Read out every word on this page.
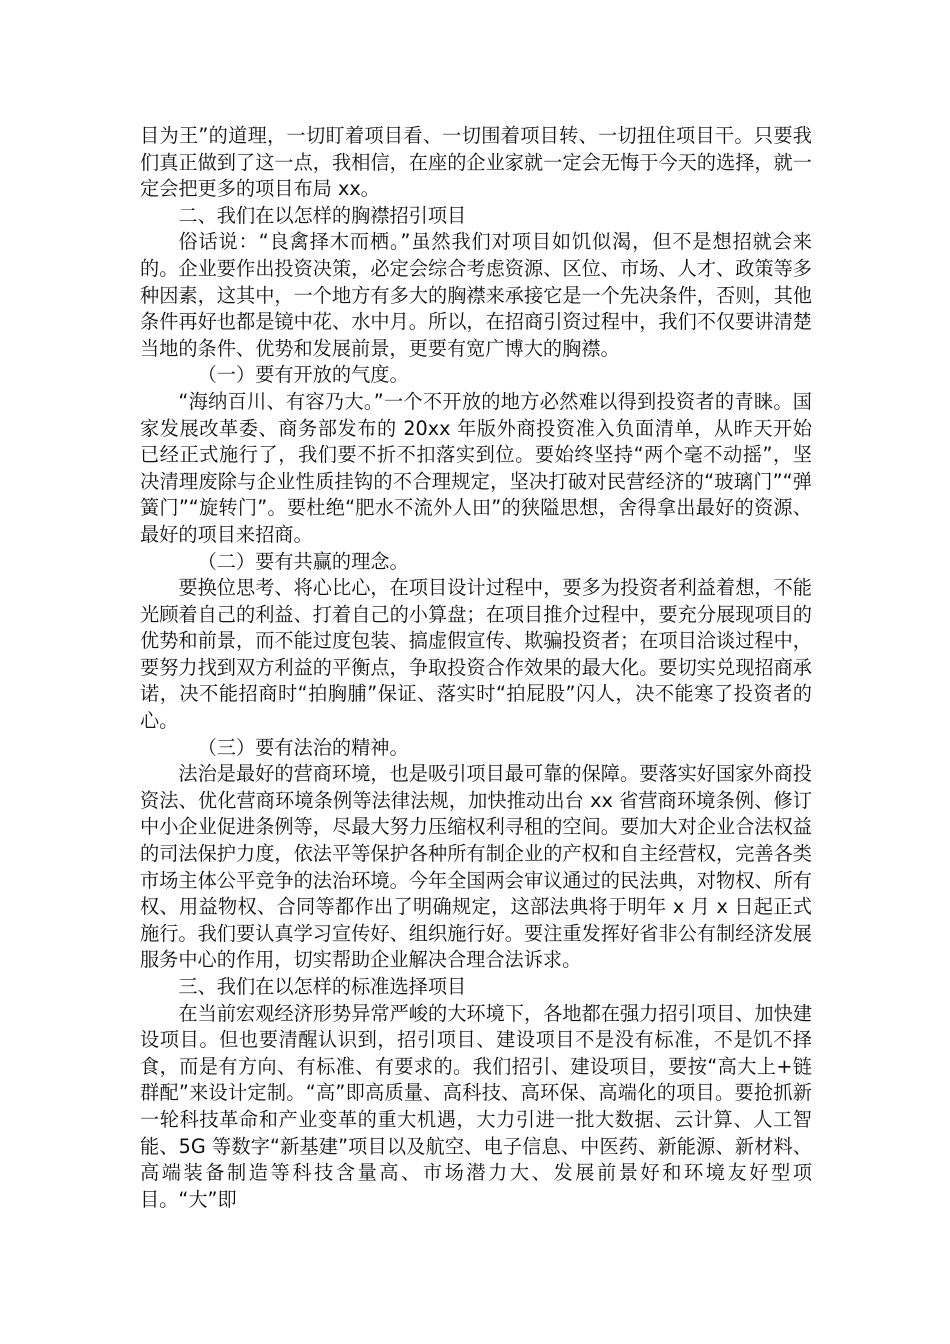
目为王”的道理，一切盯着项目看、一切围着项目转、一切扭住项目干。只要我们真正做到了这一点，我相信，在座的企业家就一定会无悔于今天的选择，就一定会把更多的项目布局 xx。

二、我们在以怎样的胸襟招引项目

俗话说：“良禽择木而栖。”虽然我们对项目如饥似渴，但不是想招就会来的。企业要作出投资决策，必定会综合考虑资源、区位、市场、人才、政策等多种因素，这其中，一个地方有多大的胸襟来承接它是一个先决条件，否则，其他条件再好也都是镜中花、水中月。所以，在招商引资过程中，我们不仅要讲清楚当地的条件、优势和发展前景，更要有宽广博大的胸襟。

（一）要有开放的气度。

“海纳百川、有容乃大。”一个不开放的地方必然难以得到投资者的青睐。国家发展改革委、商务部发布的 20xx 年版外商投资准入负面清单，从昨天开始已经正式施行了，我们要不折不扣落实到位。要始终坚持“两个毫不动摇”，坚决清理废除与企业性质挂钩的不合理规定，坚决打破对民营经济的“玻璃门”“弹簧门”“旋转门”。要杜绝“肥水不流外人田”的狭隘思想，舍得拿出最好的资源、最好的项目来招商。

（二）要有共赢的理念。

要换位思考、将心比心，在项目设计过程中，要多为投资者利益着想，不能光顾着自己的利益、打着自己的小算盘；在项目推介过程中，要充分展现项目的优势和前景，而不能过度包装、搞虚假宣传、欺骗投资者；在项目洽谈过程中，要努力找到双方利益的平衡点，争取投资合作效果的最大化。要切实兑现招商承诺，决不能招商时“拍胸脯”保证、落实时“拍屁股”闪人，决不能寒了投资者的心。

（三）要有法治的精神。

法治是最好的营商环境，也是吸引项目最可靠的保障。要落实好国家外商投资法、优化营商环境条例等法律法规，加快推动出台 xx 省营商环境条例、修订中小企业促进条例等，尽最大努力压缩权利寻租的空间。要加大对企业合法权益的司法保护力度，依法平等保护各种所有制企业的产权和自主经营权，完善各类市场主体公平竞争的法治环境。今年全国两会审议通过的民法典，对物权、所有权、用益物权、合同等都作出了明确规定，这部法典将于明年 x 月 x 日起正式施行。我们要认真学习宣传好、组织施行好。要注重发挥好省非公有制经济发展服务中心的作用，切实帮助企业解决合理合法诉求。

三、我们在以怎样的标准选择项目

在当前宏观经济形势异常严峻的大环境下，各地都在强力招引项目、加快建设项目。但也要清醒认识到，招引项目、建设项目不是没有标准，不是饥不择食，而是有方向、有标准、有要求的。我们招引、建设项目，要按“高大上+链群配”来设计定制。“高”即高质量、高科技、高环保、高端化的项目。要抢抓新一轮科技革命和产业变革的重大机遇，大力引进一批大数据、云计算、人工智能、5G 等数字“新基建”项目以及航空、电子信息、中医药、新能源、新材料、高端装备制造等科技含量高、市场潜力大、发展前景好和环境友好型项目。“大”即
